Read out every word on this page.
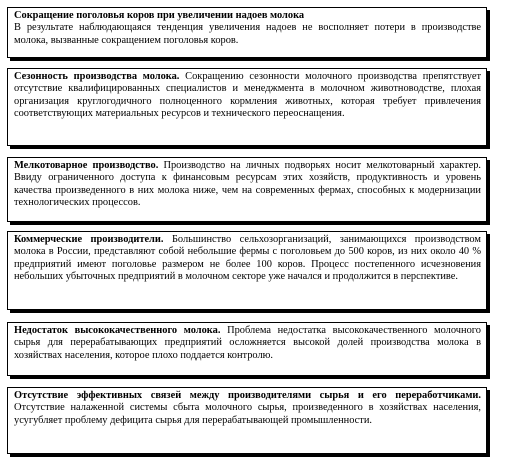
Сокращение поголовья коров при увеличении надоев молока
В результате наблюдающаяся тенденция увеличения надоев не восполняет потери в производстве молока, вызванные сокращением поголовья коров.
Сезонность производства молока. Сокращению сезонности молочного производства препятствует отсутствие квалифицированных специалистов и менеджмента в молочном животноводстве, плохая организация круглогодичного полноценного кормления животных, которая требует привлечения соответствующих материальных ресурсов и технического переоснащения.
Мелкотоварное производство. Производство на личных подворьях носит мелкотоварный характер. Ввиду ограниченного доступа к финансовым ресурсам этих хозяйств, продуктивность и уровень качества произведенного в них молока ниже, чем на современных фермах, способных к модернизации технологических процессов.
Коммерческие производители. Большинство сельхозорганизаций, занимающихся производством молока в России, представляют собой небольшие фермы с поголовьем до 500 коров, из них около 40 % предприятий имеют поголовье размером не более 100 коров. Процесс постепенного исчезновения небольших убыточных предприятий в молочном секторе уже начался и продолжится в перспективе.
Недостаток высококачественного молока. Проблема недостатка высококачественного молочного сырья для перерабатывающих предприятий осложняется высокой долей производства молока в хозяйствах населения, которое плохо поддается контролю.
Отсутствие эффективных связей между производителями сырья и его переработчиками. Отсутствие налаженной системы сбыта молочного сырья, произведенного в хозяйствах населения, усугубляет проблему дефицита сырья для перерабатывающей промышленности.
